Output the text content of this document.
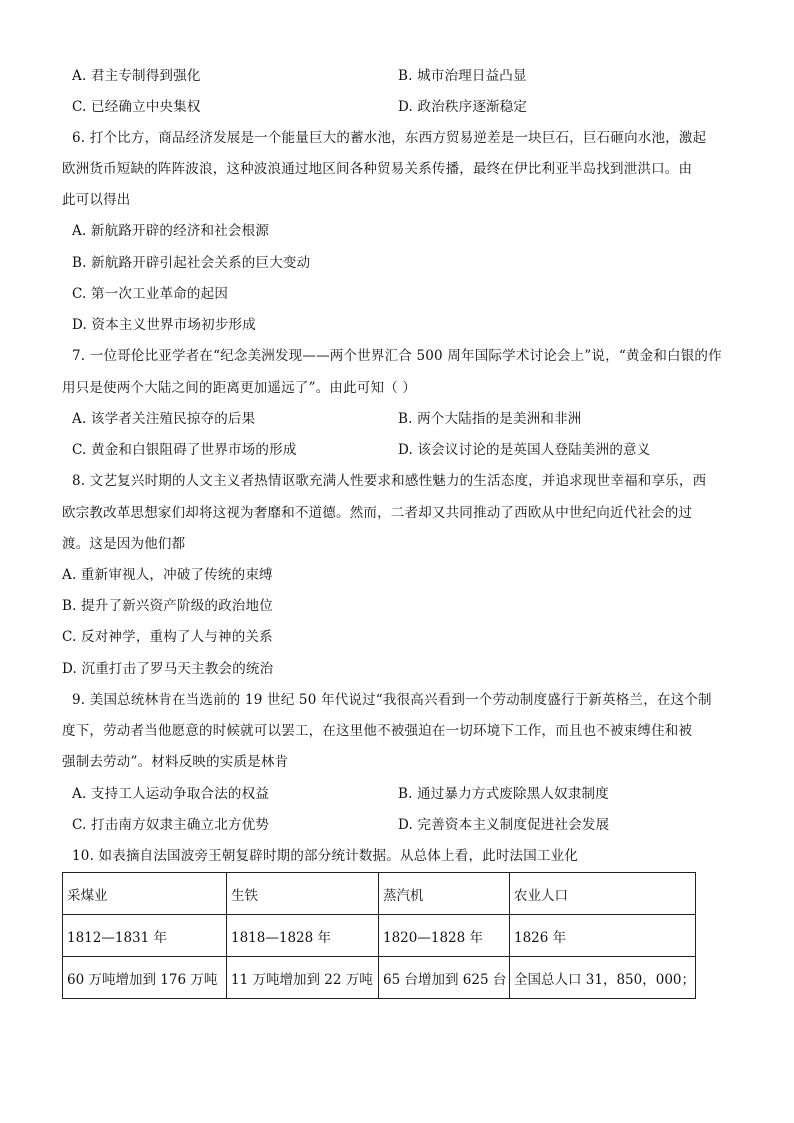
A. 君主专制得到强化	B. 城市治理日益凸显
C. 已经确立中央集权	D. 政治秩序逐渐稳定
6. 打个比方，商品经济发展是一个能量巨大的蓄水池，东西方贸易逆差是一块巨石，巨石砸向水池，激起
欧洲货币短缺的阵阵波浪，这种波浪通过地区间各种贸易关系传播，最终在伊比利亚半岛找到泄洪口。由
此可以得出
A. 新航路开辟的经济和社会根源
B. 新航路开辟引起社会关系的巨大变动
C. 第一次工业革命的起因
D. 资本主义世界市场初步形成
7. 一位哥伦比亚学者在“纪念美洲发现——两个世界汇合 500 周年国际学术讨论会上”说，“黄金和白银的作
用只是使两个大陆之间的距离更加遥远了”。由此可知（ ）
A. 该学者关注殖民掠夺的后果	B. 两个大陆指的是美洲和非洲
C. 黄金和白银阻碍了世界市场的形成	D. 该会议讨论的是英国人登陆美洲的意义
8. 文艺复兴时期的人文主义者热情讴歌充满人性要求和感性魅力的生活态度，并追求现世幸福和享乐，西
欧宗教改革思想家们却将这视为奢靡和不道德。然而，二者却又共同推动了西欧从中世纪向近代社会的过
渡。这是因为他们都
A. 重新审视人，冲破了传统的束缚
B. 提升了新兴资产阶级的政治地位
C. 反对神学，重构了人与神的关系
D. 沉重打击了罗马天主教会的统治
9. 美国总统林肯在当选前的 19 世纪 50 年代说过“我很高兴看到一个劳动制度盛行于新英格兰，在这个制
度下，劳动者当他愿意的时候就可以罢工，在这里他不被强迫在一切环境下工作，而且也不被束缚住和被
强制去劳动”。材料反映的实质是林肯
A. 支持工人运动争取合法的权益	B. 通过暴力方式废除黑人奴隶制度
C. 打击南方奴隶主确立北方优势	D. 完善资本主义制度促进社会发展
10. 如表摘自法国波旁王朝复辟时期的部分统计数据。从总体上看，此时法国工业化
采煤业	生铁	蒸汽机	农业人口
1812—1831 年	1818—1828 年	1820—1828 年	1826 年
60 万吨增加到 176 万吨	11 万吨增加到 22 万吨	65 台增加到 625 台	全国总人口 31，850，000；
